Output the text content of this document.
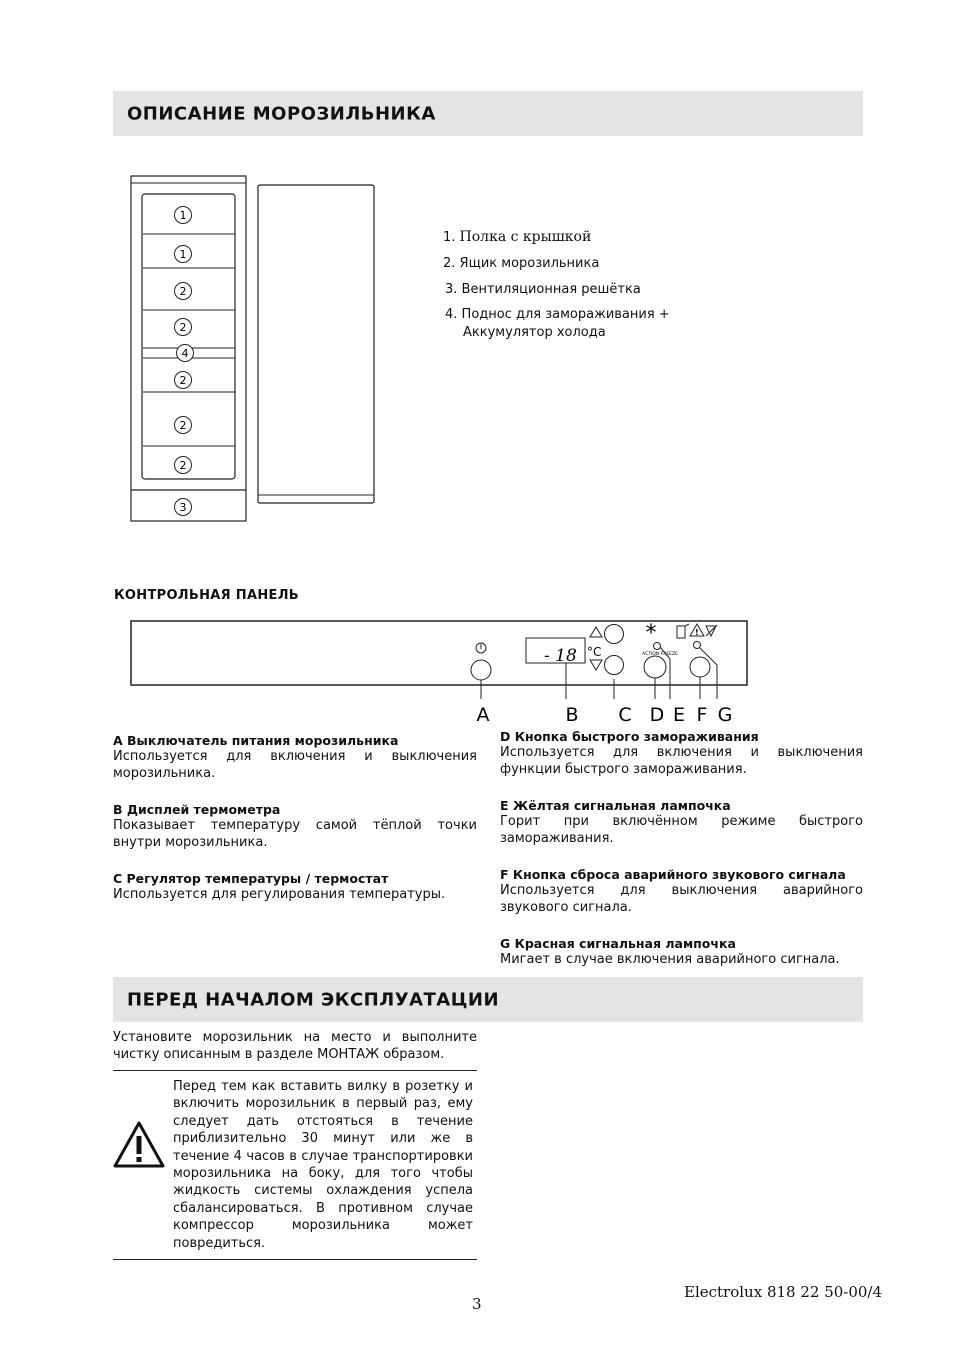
ОПИСАНИЕ МОРОЗИЛЬНИКА
1
1
2
2
4
2
2
2
3
1. Полка с крышкой
2. Ящик морозильника
3. Вентиляционная решётка
4. Поднос для замораживания +
Аккумулятор холода
КОНТРОЛЬНАЯ ПАНЕЛЬ
- 18 °C
*
ACTION FREEZE
!
A	B C D E F G
A Выключатель питания морозильника
Используется для включения и выключения морозильника.
B Дисплей термометра
Показывает температуру самой тёплой точки внутри морозильника.
C Регулятор температуры / термостат
Используется для регулирования температуры.
D Кнопка быстрого замораживания
Используется для включения и выключения функции быстрого замораживания.
E Жёлтая сигнальная лампочка
Горит при включённом режиме быстрого замораживания.
F Кнопка сброса аварийного звукового сигнала
Используется для выключения аварийного звукового сигнала.
G Красная сигнальная лампочка
Мигает в случае включения аварийного сигнала.
ПЕРЕД НАЧАЛОМ ЭКСПЛУАТАЦИИ
Установите морозильник на место и выполните чистку описанным в разделе МОНТАЖ образом.
Перед тем как вставить вилку в розетку и включить морозильник в первый раз, ему следует дать отстояться в течение приблизительно 30 минут или же в течение 4 часов в случае транспортировки морозильника на боку, для того чтобы жидкость системы охлаждения успела сбалансироваться. В противном случае компрессор морозильника может повредиться.
Electrolux 818 22 50-00/4
3
